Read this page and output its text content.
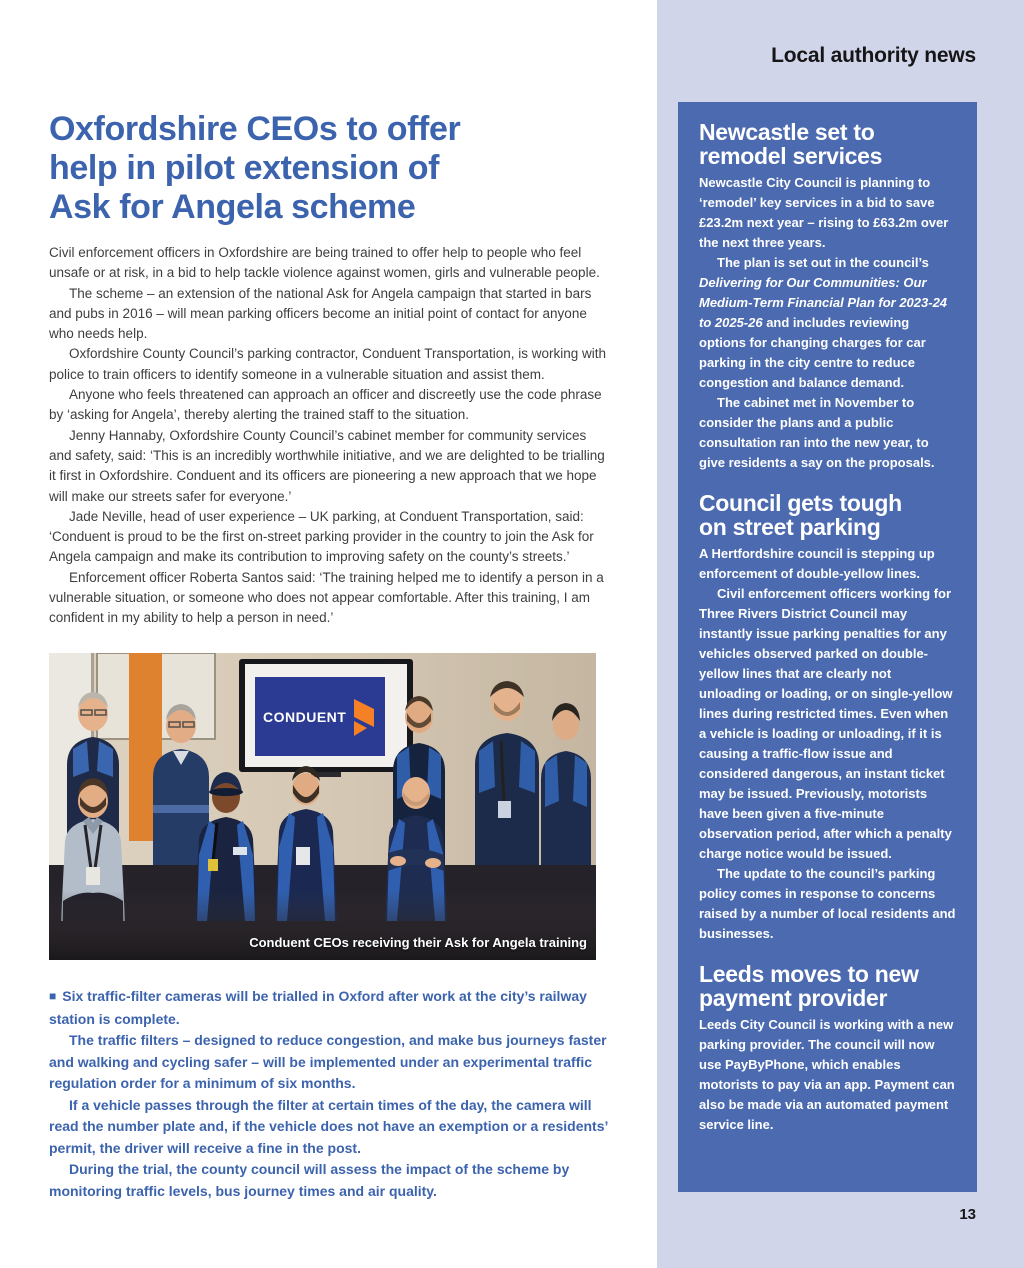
Local authority news
Newcastle set to
remodel services

Newcastle City Council is planning to ‘remodel’ key services in a bid to save £23.2m next year – rising to £63.2m over the next three years.

The plan is set out in the council’s Delivering for Our Communities: Our Medium-Term Financial Plan for 2023-24 to 2025-26 and includes reviewing options for changing charges for car parking in the city centre to reduce congestion and balance demand.

The cabinet met in November to consider the plans and a public consultation ran into the new year, to give residents a say on the proposals.

Council gets tough
on street parking

A Hertfordshire council is stepping up enforcement of double-yellow lines.

Civil enforcement officers working for Three Rivers District Council may instantly issue parking penalties for any vehicles observed parked on double-yellow lines that are clearly not unloading or loading, or on single-yellow lines during restricted times. Even when a vehicle is loading or unloading, if it is causing a traffic-flow issue and considered dangerous, an instant ticket may be issued. Previously, motorists have been given a five-minute observation period, after which a penalty charge notice would be issued.

The update to the council’s parking policy comes in response to concerns raised by a number of local residents and businesses.

Leeds moves to new
payment provider

Leeds City Council is working with a new parking provider. The council will now use PayByPhone, which enables motorists to pay via an app. Payment can also be made via an automated payment service line.

13
Oxfordshire CEOs to offer
help in pilot extension of
Ask for Angela scheme

Civil enforcement officers in Oxfordshire are being trained to offer help to people who feel unsafe or at risk, in a bid to help tackle violence against women, girls and vulnerable people.

The scheme – an extension of the national Ask for Angela campaign that started in bars and pubs in 2016 – will mean parking officers become an initial point of contact for anyone who needs help.

Oxfordshire County Council’s parking contractor, Conduent Transportation, is working with police to train officers to identify someone in a vulnerable situation and assist them.

Anyone who feels threatened can approach an officer and discreetly use the code phrase by ‘asking for Angela’, thereby alerting the trained staff to the situation.

Jenny Hannaby, Oxfordshire County Council’s cabinet member for community services and safety, said: ‘This is an incredibly worthwhile initiative, and we are delighted to be trialling it first in Oxfordshire. Conduent and its officers are pioneering a new approach that we hope will make our streets safer for everyone.’

Jade Neville, head of user experience – UK parking, at Conduent Transportation, said: ‘Conduent is proud to be the first on-street parking provider in the country to join the Ask for Angela campaign and make its contribution to improving safety on the county’s streets.’

Enforcement officer Roberta Santos said: ‘The training helped me to identify a person in a vulnerable situation, or someone who does not appear comfortable. After this training, I am confident in my ability to help a person in need.’

CONDUENT
Conduent CEOs receiving their Ask for Angela training

■ Six traffic-filter cameras will be trialled in Oxford after work at the city’s railway station is complete.

The traffic filters – designed to reduce congestion, and make bus journeys faster and walking and cycling safer – will be implemented under an experimental traffic regulation order for a minimum of six months.

If a vehicle passes through the filter at certain times of the day, the camera will read the number plate and, if the vehicle does not have an exemption or a residents’ permit, the driver will receive a fine in the post.

During the trial, the county council will assess the impact of the scheme by monitoring traffic levels, bus journey times and air quality.
